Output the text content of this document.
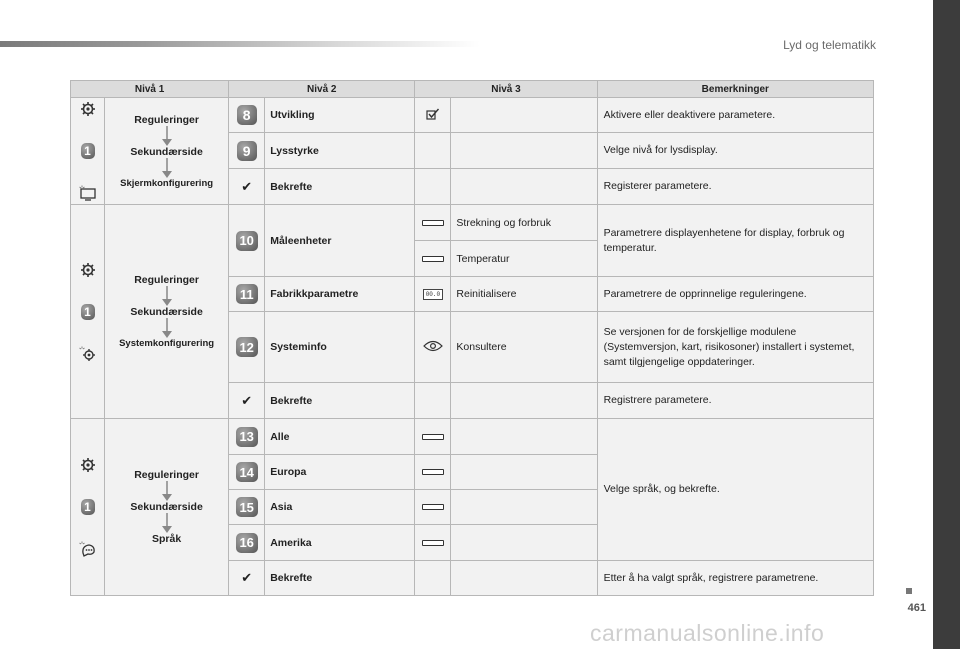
Lyd og telematikk
Nivå 1		Nivå 2		Nivå 3		Bemerkninger

1	Reguleringer
Sekundærside
Skjermkonfigurering	8	Utvikling			Aktivere eller deaktivere parametere.
		9	Lysstyrke			Velge nivå for lysdisplay.
		✔	Bekrefte			Registerer parametere.

1	Reguleringer
Sekundærside
Systemkonfigurering	10	Måleenheter		Strekning og forbruk	Parametrere displayenhetene for display, forbruk og temperatur.
					Temperatur	
		11	Fabrikkparametre	00.0	Reinitialisere	Parametrere de opprinnelige reguleringene.
		12	Systeminfo		Konsultere	Se versjonen for de forskjellige modulene (Systemversjon, kart, risikosoner) installert i systemet, samt tilgjengelige oppdateringer.
		✔	Bekrefte			Registrere parametere.

1	Reguleringer
Sekundærside
Språk	13	Alle			Velge språk, og bekrefte.
		14	Europa			
		15	Asia			
		16	Amerika			
		✔	Bekrefte			Etter å ha valgt språk, registrere parametrene.
461
carmanualsonline.info
